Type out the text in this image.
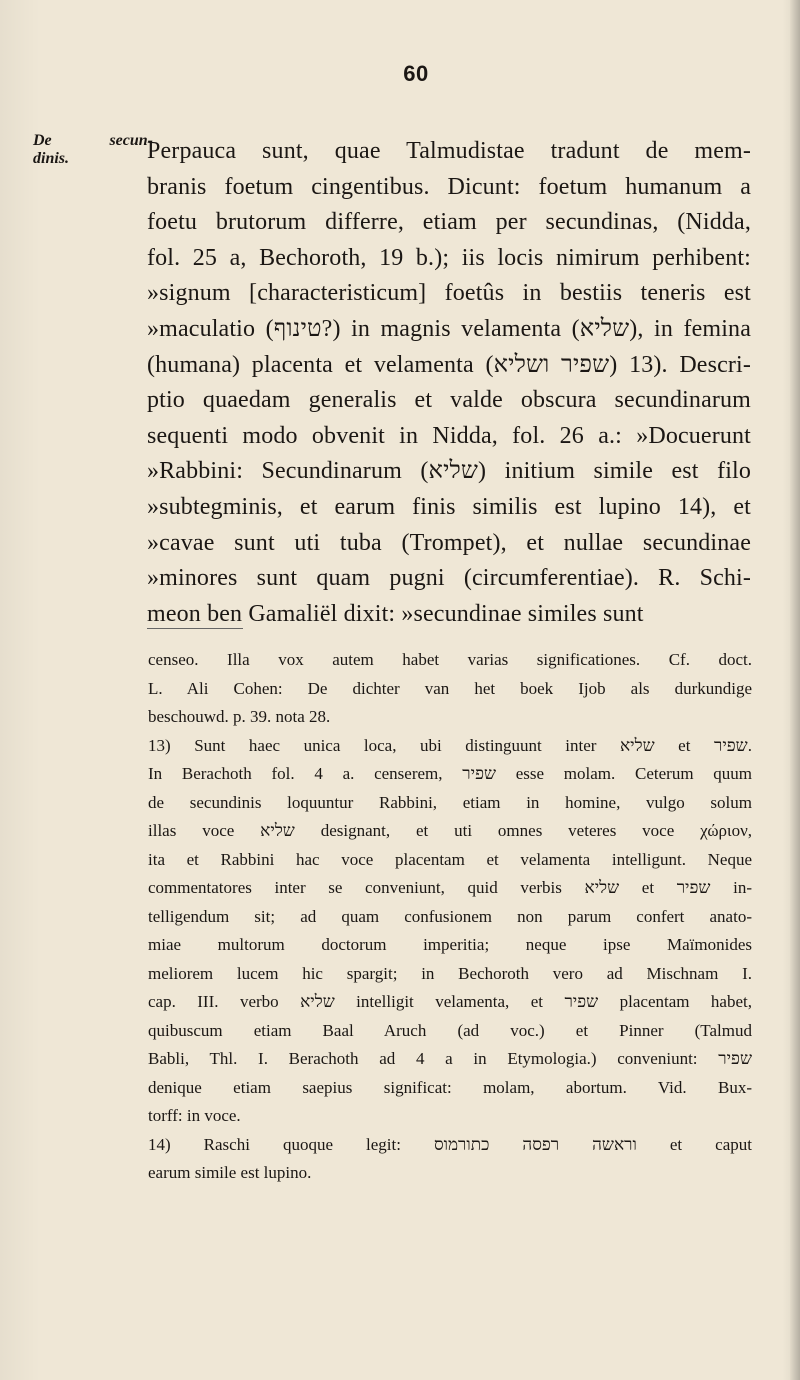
60
De secun-
dinis.	Perpauca sunt, quae Talmudistae tradunt de mem-
branis foetum cingentibus. Dicunt: foetum humanum a
foetu brutorum differre, etiam per secundinas, (Nidda,
fol. 25 a, Bechoroth, 19 b.); iis locis nimirum perhibent:
»signum [characteristicum] foetûs in bestiis teneris est
»maculatio (טינוף?) in magnis velamenta (שליא), in femina
(humana) placenta et velamenta (שפיר ושליא) 13). Descri-
ptio quaedam generalis et valde obscura secundinarum
sequenti modo obvenit in Nidda, fol. 26 a.: »Docuerunt
»Rabbini: Secundinarum (שליא) initium simile est filo
»subtegminis, et earum finis similis est lupino 14), et
»cavae sunt uti tuba (Trompet), et nullae secundinae
»minores sunt quam pugni (circumferentiae). R. Schi-
meon ben Gamaliël dixit: »secundinae similes sunt
censeo. Illa vox autem habet varias significationes. Cf. doct.
L. Ali Cohen: De dichter van het boek Ijob als durkundige
beschouwd. p. 39. nota 28.
13) Sunt haec unica loca, ubi distinguunt inter שליא et שפיר.
In Berachoth fol. 4 a. censerem, שפיר esse molam. Ceterum quum
de secundinis loquuntur Rabbini, etiam in homine, vulgo solum
illas voce שליא designant, et uti omnes veteres voce χώριον,
ita et Rabbini hac voce placentam et velamenta intelligunt. Neque
commentatores inter se conveniunt, quid verbis שליא et שפיר in-
telligendum sit; ad quam confusionem non parum confert anato-
miae multorum doctorum imperitia; neque ipse Maïmonides
meliorem lucem hic spargit; in Bechoroth vero ad Mischnam I.
cap. III. verbo שליא intelligit velamenta, et שפיר placentam habet,
quibuscum etiam Baal Aruch (ad voc.) et Pinner (Talmud
Babli, Thl. I. Berachoth ad 4 a in Etymologia.) conveniunt: שפיר
denique etiam saepius significat: molam, abortum. Vid. Bux-
torff: in voce.
14) Raschi quoque legit: וראשה רפסה כתורמוס et caput
earum simile est lupino.
